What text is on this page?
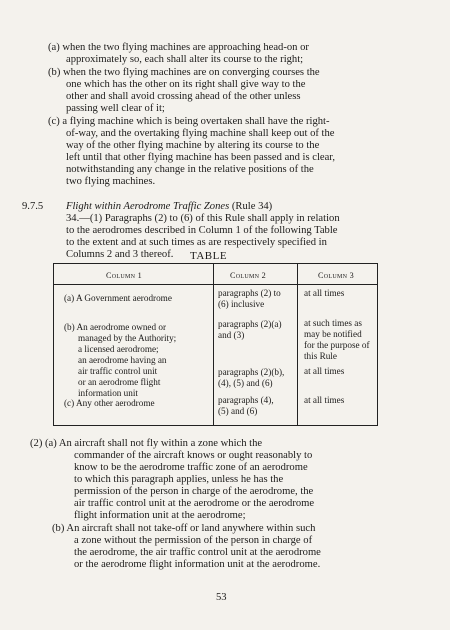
(a) when the two flying machines are approaching head-on or
approximately so, each shall alter its course to the right;
(b) when the two flying machines are on converging courses the
one which has the other on its right shall give way to the
other and shall avoid crossing ahead of the other unless
passing well clear of it;
(c) a flying machine which is being overtaken shall have the right-
of-way, and the overtaking flying machine shall keep out of the
way of the other flying machine by altering its course to the
left until that other flying machine has been passed and is clear,
notwithstanding any change in the relative positions of the
two flying machines.
9.7.5 Flight within Aerodrome Traffic Zones (Rule 34)
34.—(1) Paragraphs (2) to (6) of this Rule shall apply in relation
to the aerodromes described in Column 1 of the following Table
to the extent and at such times as are respectively specified in
Columns 2 and 3 thereof. TABLE
Column 1	Column 2	Column 3
(a) A Government aerodrome
(b) An aerodrome owned or
managed by the Authority;
a licensed aerodrome;
an aerodrome having an
air traffic control unit
or an aerodrome flight
information unit
(c) Any other aerodrome
paragraphs (2) to
(6) inclusive
paragraphs (2)(a)
and (3)
paragraphs (2)(b),
(4), (5) and (6)
paragraphs (4),
(5) and (6)
at all times
at such times as
may be notified
for the purpose of
this Rule
at all times
at all times
(2) (a) An aircraft shall not fly within a zone which the
commander of the aircraft knows or ought reasonably to
know to be the aerodrome traffic zone of an aerodrome
to which this paragraph applies, unless he has the
permission of the person in charge of the aerodrome, the
air traffic control unit at the aerodrome or the aerodrome
flight information unit at the aerodrome;
(b) An aircraft shall not take-off or land anywhere within such
a zone without the permission of the person in charge of
the aerodrome, the air traffic control unit at the aerodrome
or the aerodrome flight information unit at the aerodrome.
53
